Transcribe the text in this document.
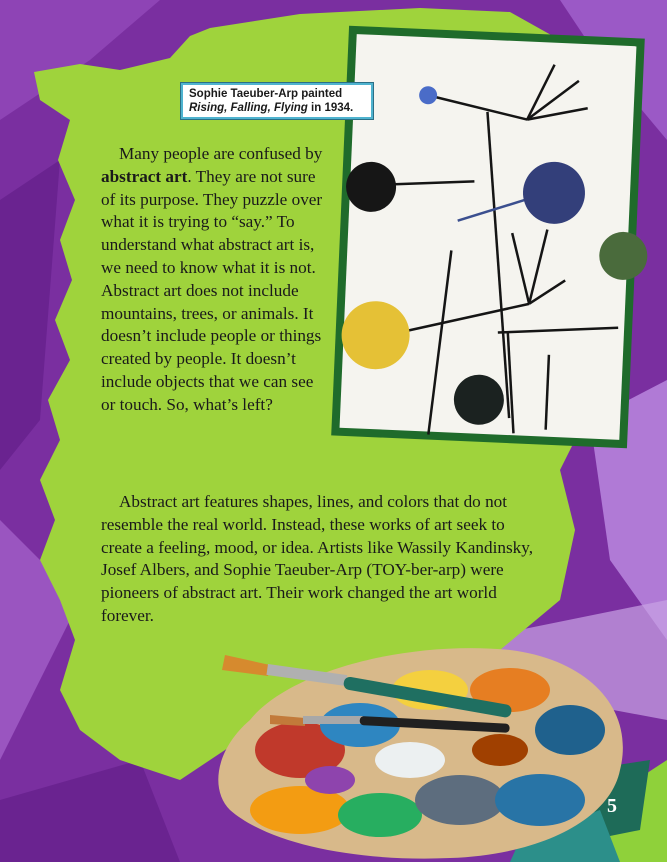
Sophie Taeuber-Arp painted
Rising, Falling, Flying in 1934.
Many people are confused by abstract art. They are not sure of its purpose. They puzzle over what it is trying to “say.” To understand what abstract art is, we need to know what it is not. Abstract art does not include mountains, trees, or animals. It doesn’t include people or things created by people. It doesn’t include objects that we can see or touch. So, what’s left?
Abstract art features shapes, lines, and colors that do not resemble the real world. Instead, these works of art seek to create a feeling, mood, or idea. Artists like Wassily Kandinsky, Josef Albers, and Sophie Taeuber-Arp (TOY-ber-arp) were pioneers of abstract art. Their work changed the art world forever.
5
